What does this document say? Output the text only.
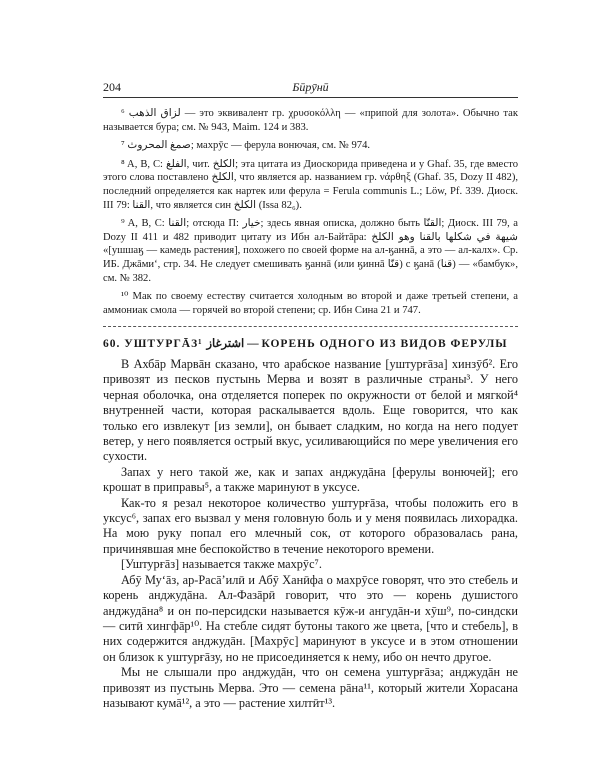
204	Бӣрӯнӣ

⁶ لزاق الذهب — это эквивалент гр. χρυσοκόλλη — «припой для золота». Обычно так называется бура; см. № 943, Maim. 124 и 383.

⁷ صمغ المحروث; махрӯс — ферула вонючая, см. № 974.

⁸ A, B, C: الفلغ, чит. الكلخ; эта цитата из Диоскорида приведена и у Ghaf. 35, где вместо этого слова поставлено الكلخ, что является ар. названием гр. νάρθηξ (Ghaf. 35, Dozy II 482), последний определяется как нартек или ферула = Ferula communis L.; Löw, Pf. 339. Диоск. III 79: القنا, что является син الكلخ (Issa 82₆).

⁹ A, B, C: القنا; отсюда П: خيار; здесь явная описка, должно быть القنّا; Диоск. III 79, а Dozy II 411 и 482 приводит цитату из Ибн ал-Байтāра: شيهة في شكلها بالقنا وهو الكلخ «[ушшаӄ — камедь растения], похожего по своей форме на ал-ӄаннā, а это — ал-калх». Ср. ИБ. Джāмиʻ, стр. 34. Не следует смешивать ӄаннā (или ӄиннā قنّا) с ӄанā (قنا) — «бамбук», см. № 382.

¹⁰ Мак по своему естеству считается холодным во второй и даже третьей степени, а аммониак смола — горячей во второй степени; ср. Ибн Сина 21 и 747.

60. УШТУРГĀЗ¹ اشترغاز — КОРЕНЬ ОДНОГО ИЗ ВИДОВ ФЕРУЛЫ

В Ахбāр Марвāн сказано, что арабское название [уштурғāза] хинзӯб². Его привозят из песков пустынь Мерва и возят в различные страны³. У него черная оболочка, она отделяется поперек по окружности от белой и мягкой⁴ внутренней части, которая раскалывается вдоль. Еще говорится, что как только его извлекут [из земли], он бывает сладким, но когда на него подует ветер, у него появляется острый вкус, усиливающийся по мере увеличения его сухости.

Запах у него такой же, как и запах анджудāна [ферулы вонючей]; его крошат в приправы⁵, а также маринуют в уксусе.

Как-то я резал некоторое количество уштурғāза, чтобы положить его в уксус⁶, запах его вызвал у меня головную боль и у меня появилась лихорадка. На мою руку попал его млечный сок, от которого образовалась рана, причинявшая мне беспокойство в течение некоторого времени.

[Уштурғāз] называется также махрӯс⁷.

Абӯ Муʻāз, ар-Расāʼилӣ и Абӯ Ханӣфа о махрӯсе говорят, что это стебель и корень анджудāна. Ал-Фазāрӣ говорит, что это — корень душистого анджудāна⁸ и он по-персидски называется кӯж-и ангудāн-и хӯш⁹, по-синдски — ситӣ хингфāр¹⁰. На стебле сидят бутоны такого же цвета, [что и стебель], в них содержится анджудāн. [Махрӯс] маринуют в уксусе и в этом отношении он близок к уштурғāзу, но не присоединяется к нему, ибо он нечто другое.

Мы не слышали про анджудāн, что он семена уштурғāза; анджудāн не привозят из пустынь Мерва. Это — семена рāна¹¹, который жители Хорасана называют кумā¹², а это — растение хилтӣт¹³.
